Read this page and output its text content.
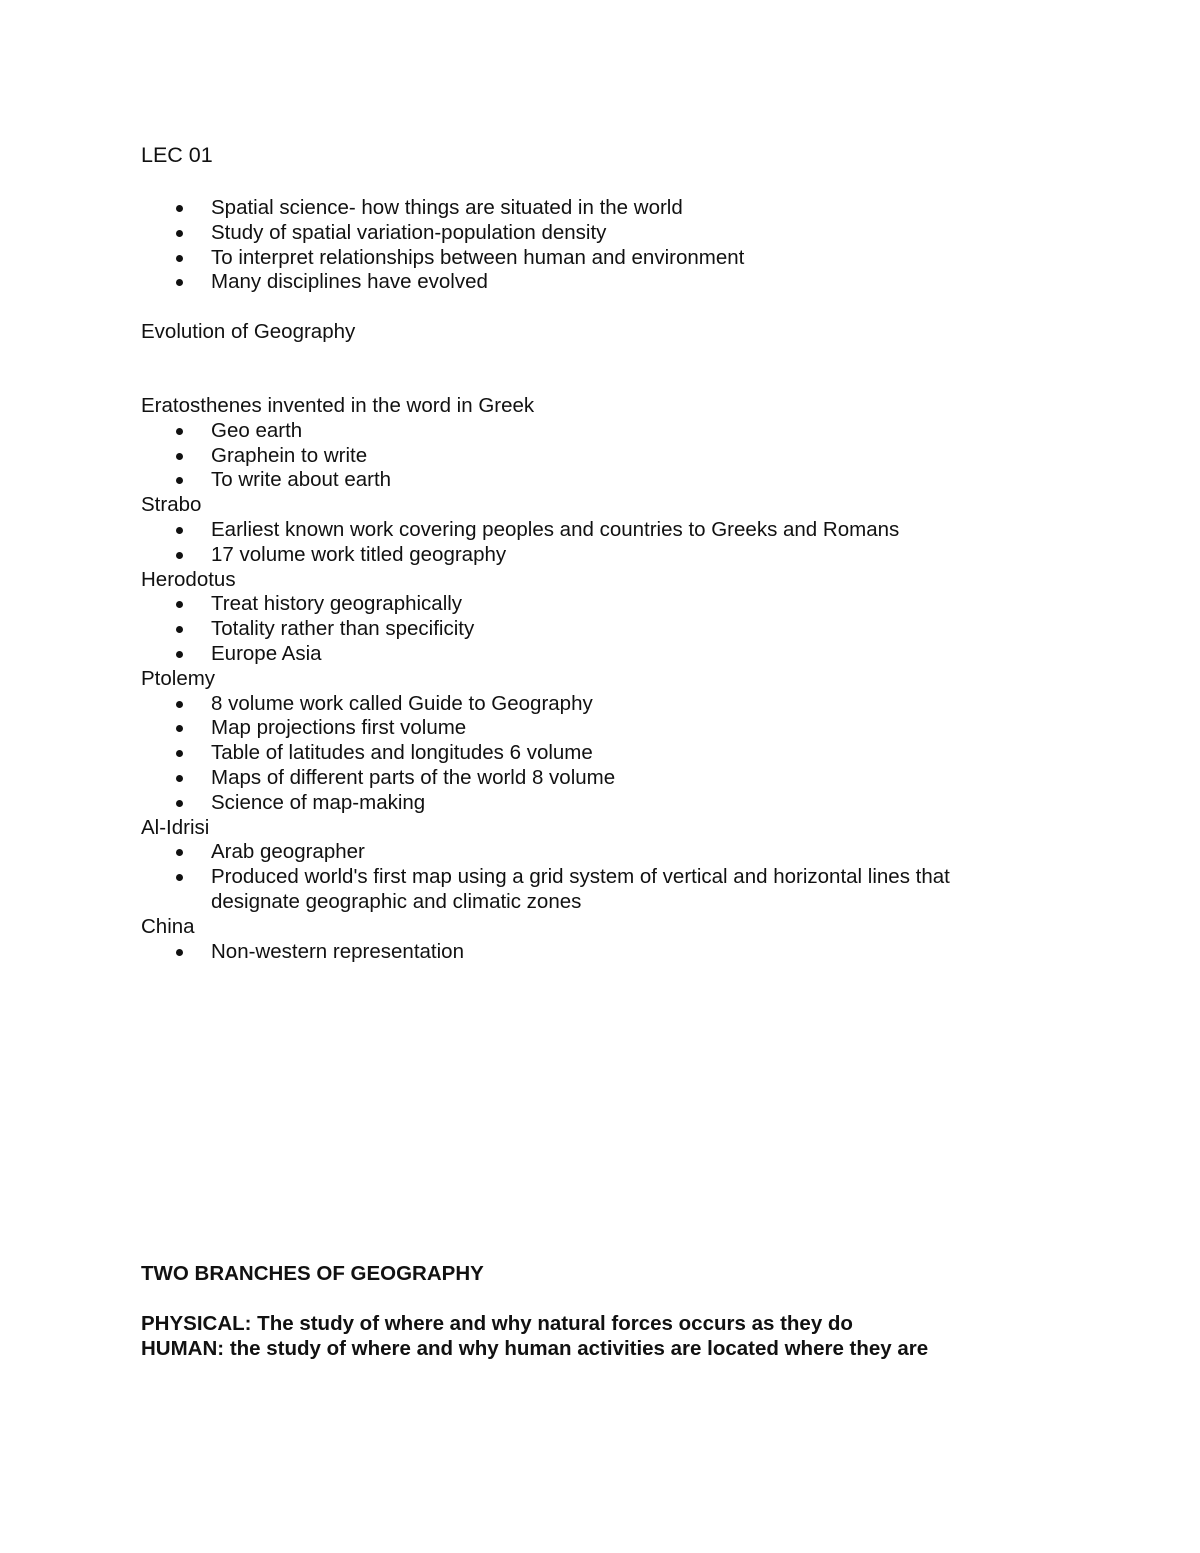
LEC 01
Spatial science- how things are situated in the world
Study of spatial variation-population density
To interpret relationships between human and environment
Many disciplines have evolved
Evolution of Geography
Eratosthenes invented in the word in Greek
Geo earth
Graphein to write
To write about earth
Strabo
Earliest known work covering peoples and countries to Greeks and Romans
17 volume work titled geography
Herodotus
Treat history geographically
Totality rather than specificity
Europe Asia
Ptolemy
8 volume work called Guide to Geography
Map projections first volume
Table of latitudes and longitudes 6 volume
Maps of different parts of the world 8 volume
Science of map-making
Al-Idrisi
Arab geographer
Produced world's first map using a grid system of vertical and horizontal lines that designate geographic and climatic zones
China
Non-western representation
TWO BRANCHES OF GEOGRAPHY
PHYSICAL: The study of where and why natural forces occurs as they do
HUMAN: the study of where and why human activities are located where they are
